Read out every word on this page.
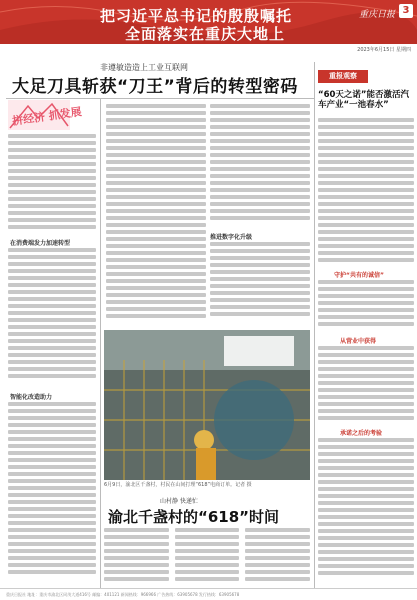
把习近平总书记的殷殷嘱托
全面落实在重庆大地上
重庆日报 3
2023年6月15日 星期四
非遵敏造造上工业互联网
大足刀具斩获“刀王”背后的转型密码
拼经济 抓发展
重报观察
“60天之诺”能否激活汽车产业“一池春水”
在消费端发力加速转型
智能化改造助力
推进数字化升级
6月9日，渝北区千盏村，村民在山间打理“618”电商订单。记者 摄
山村静 快递忙
渝北千盏村的“618”时间
守护“共有的诚信”
从营业中获得
承诺之后的考验
重庆日报社 地址：重庆市渝北区同茂大道416号 邮编：401121 新闻热线：966966 广告热线：63905678 发行热线：63905678
